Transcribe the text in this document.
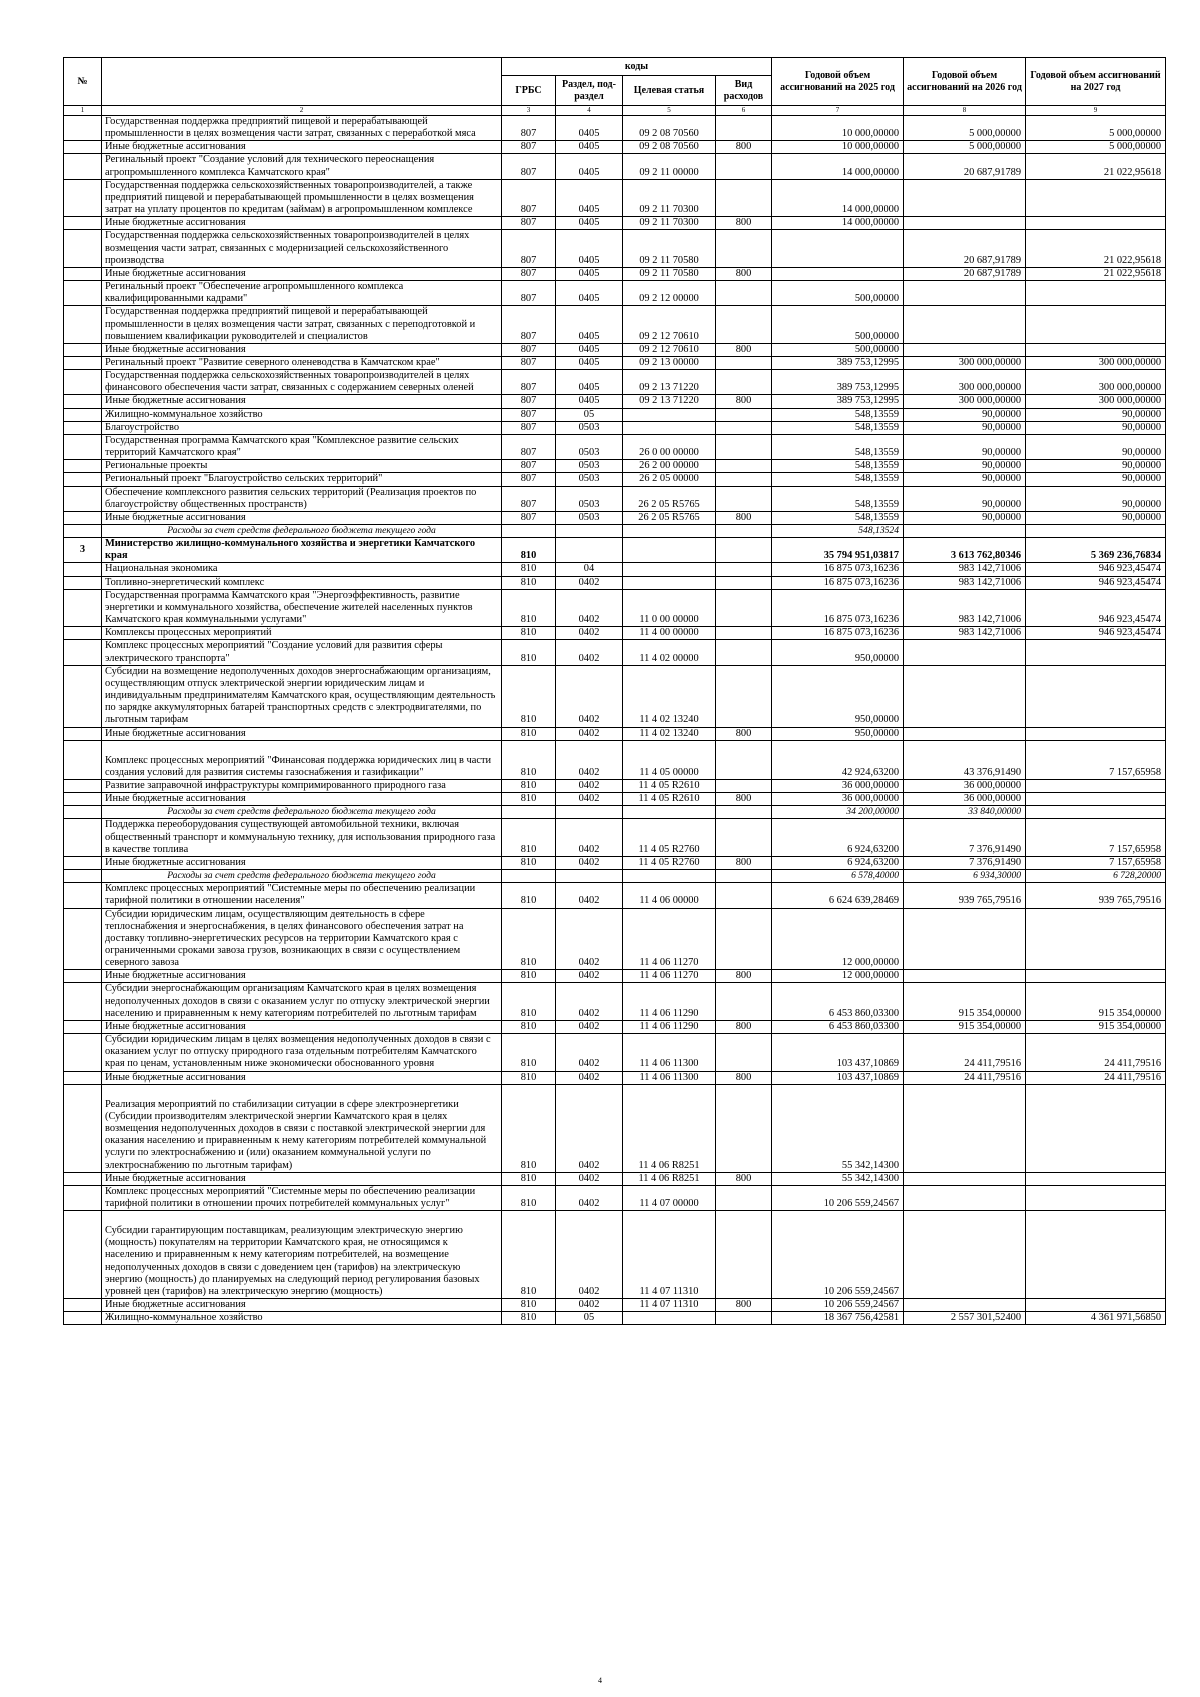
№		коды				Годовой объем ассигнований на 2025 год	Годовой объем ассигнований на 2026 год	Годовой объем ассигнований на 2027 год
		ГРБС	Раздел, под- раздел	Целевая статья	Вид расходов			
1	2	3	4	5	6	7	8	9
	Государственная поддержка предприятий пищевой и перерабатывающей промышленности в целях возмещения части затрат, связанных с переработкой мяса	807	0405	09 2 08 70560		10 000,00000	5 000,00000	5 000,00000
	Иные бюджетные ассигнования	807	0405	09 2 08 70560	800	10 000,00000	5 000,00000	5 000,00000
	Регинальный проект "Создание условий для технического переоснащения агропромышленного комплекса Камчатского края"	807	0405	09 2 11 00000		14 000,00000	20 687,91789	21 022,95618
	Государственная поддержка сельскохозяйственных товаропроизводителей, а также предприятий пищевой и перерабатывающей промышленности в целях возмещения затрат на уплату процентов по кредитам (займам) в агропромышленном комплексе	807	0405	09 2 11 70300		14 000,00000		
	Иные бюджетные ассигнования	807	0405	09 2 11 70300	800	14 000,00000		
	Государственная поддержка сельскохозяйственных товаропроизводителей в целях возмещения части затрат, связанных с модернизацией сельскохозяйственного производства	807	0405	09 2 11 70580			20 687,91789	21 022,95618
	Иные бюджетные ассигнования	807	0405	09 2 11 70580	800		20 687,91789	21 022,95618
	Регинальный проект "Обеспечение агропромышленного комплекса квалифицированными кадрами"	807	0405	09 2 12 00000		500,00000		
	Государственная поддержка предприятий пищевой и перерабатывающей промышленности в целях возмещения части затрат, связанных с переподготовкой и повышением квалификации руководителей и специалистов	807	0405	09 2 12 70610		500,00000		
	Иные бюджетные ассигнования	807	0405	09 2 12 70610	800	500,00000		
	Регинальный проект "Развитие северного оленеводства в Камчатском крае"	807	0405	09 2 13 00000		389 753,12995	300 000,00000	300 000,00000
	Государственная поддержка сельскохозяйственных товаропроизводителей в целях финансового обеспечения части затрат, связанных с содержанием северных оленей	807	0405	09 2 13 71220		389 753,12995	300 000,00000	300 000,00000
	Иные бюджетные ассигнования	807	0405	09 2 13 71220	800	389 753,12995	300 000,00000	300 000,00000
	Жилищно-коммунальное хозяйство	807	05			548,13559	90,00000	90,00000
	Благоустройство	807	0503			548,13559	90,00000	90,00000
	Государственная программа Камчатского края "Комплексное развитие сельских территорий Камчатского края"	807	0503	26 0 00 00000		548,13559	90,00000	90,00000
	Региональные проекты	807	0503	26 2 00 00000		548,13559	90,00000	90,00000
	Региональный проект "Благоустройство сельских территорий"	807	0503	26 2 05 00000		548,13559	90,00000	90,00000
	Обеспечение комплексного развития сельских территорий (Реализация проектов по благоустройству общественных пространств)	807	0503	26 2 05 R5765		548,13559	90,00000	90,00000
	Иные бюджетные ассигнования	807	0503	26 2 05 R5765	800	548,13559	90,00000	90,00000
	Расходы за счет средств федерального бюджета текущего года					548,13524		
3	Министерство жилищно-коммунального хозяйства и энергетики Камчатского края	810				35 794 951,03817	3 613 762,80346	5 369 236,76834
	Национальная экономика	810	04			16 875 073,16236	983 142,71006	946 923,45474
	Топливно-энергетический комплекс	810	0402			16 875 073,16236	983 142,71006	946 923,45474
	Государственная программа Камчатского края "Энергоэффективность, развитие энергетики и коммунального хозяйства, обеспечение жителей населенных пунктов Камчатского края коммунальными услугами"	810	0402	11 0 00 00000		16 875 073,16236	983 142,71006	946 923,45474
	Комплексы процессных мероприятий	810	0402	11 4 00 00000		16 875 073,16236	983 142,71006	946 923,45474
	Комплекс процессных мероприятий "Создание условий для развития сферы электрического транспорта"	810	0402	11 4 02 00000		950,00000		
	Субсидии на возмещение недополученных доходов энергоснабжающим организациям, осуществляющим отпуск электрической энергии юридическим лицам и индивидуальным предпринимателям Камчатского края, осуществляющим деятельность по зарядке аккумуляторных батарей транспортных средств с электродвигателями, по льготным тарифам	810	0402	11 4 02 13240		950,00000		
	Иные бюджетные ассигнования	810	0402	11 4 02 13240	800	950,00000		
	Комплекс процессных мероприятий "Финансовая поддержка юридических лиц в части создания условий для развития системы газоснабжения и газификации"	810	0402	11 4 05 00000		42 924,63200	43 376,91490	7 157,65958
	Развитие заправочной инфраструктуры компримированного природного газа	810	0402	11 4 05 R2610		36 000,00000	36 000,00000	
	Иные бюджетные ассигнования	810	0402	11 4 05 R2610	800	36 000,00000	36 000,00000	
	Расходы за счет средств федерального бюджета текущего года					34 200,00000	33 840,00000	
	Поддержка переоборудования существующей автомобильной техники, включая общественный транспорт и коммунальную технику, для использования природного газа в качестве топлива	810	0402	11 4 05 R2760		6 924,63200	7 376,91490	7 157,65958
	Иные бюджетные ассигнования	810	0402	11 4 05 R2760	800	6 924,63200	7 376,91490	7 157,65958
	Расходы за счет средств федерального бюджета текущего года					6 578,40000	6 934,30000	6 728,20000
	Комплекс процессных мероприятий "Системные меры по обеспечению реализации тарифной политики в отношении населения"	810	0402	11 4 06 00000		6 624 639,28469	939 765,79516	939 765,79516
	Субсидии юридическим лицам, осуществляющим деятельность в сфере теплоснабжения и энергоснабжения, в целях финансового обеспечения затрат на доставку топливно-энергетических ресурсов на территории Камчатского края с ограниченными сроками завоза грузов, возникающих в связи с осуществлением северного завоза	810	0402	11 4 06 11270		12 000,00000		
	Иные бюджетные ассигнования	810	0402	11 4 06 11270	800	12 000,00000		
	Субсидии энергоснабжающим организациям Камчатского края в целях возмещения недополученных доходов в связи с оказанием услуг по отпуску электрической энергии населению и приравненным к нему категориям потребителей по льготным тарифам	810	0402	11 4 06 11290		6 453 860,03300	915 354,00000	915 354,00000
	Иные бюджетные ассигнования	810	0402	11 4 06 11290	800	6 453 860,03300	915 354,00000	915 354,00000
	Субсидии юридическим лицам в целях возмещения недополученных доходов в связи с оказанием услуг по отпуску природного газа отдельным потребителям Камчатского края по ценам, установленным ниже экономически обоснованного уровня	810	0402	11 4 06 11300		103 437,10869	24 411,79516	24 411,79516
	Иные бюджетные ассигнования	810	0402	11 4 06 11300	800	103 437,10869	24 411,79516	24 411,79516
	Реализация мероприятий по стабилизации ситуации в сфере электроэнергетики (Субсидии производителям электрической энергии Камчатского края в целях возмещения недополученных доходов в связи с поставкой электрической энергии для оказания населению и приравненным к нему категориям потребителей коммунальной услуги по электроснабжению и (или) оказанием коммунальной услуги по электроснабжению по льготным тарифам)	810	0402	11 4 06 R8251		55 342,14300		
	Иные бюджетные ассигнования	810	0402	11 4 06 R8251	800	55 342,14300		
	Комплекс процессных мероприятий "Системные меры по обеспечению реализации тарифной политики в отношении прочих потребителей коммунальных услуг"	810	0402	11 4 07 00000		10 206 559,24567		
	Субсидии гарантирующим поставщикам, реализующим электрическую энергию (мощность) покупателям на территории Камчатского края, не относящимся к населению и приравненным к нему категориям потребителей, на возмещение недополученных доходов в связи с доведением цен (тарифов) на электрическую энергию (мощность) до планируемых на следующий период регулирования базовых уровней цен (тарифов) на электрическую энергию (мощность)	810	0402	11 4 07 11310		10 206 559,24567		
	Иные бюджетные ассигнования	810	0402	11 4 07 11310	800	10 206 559,24567		
	Жилищно-коммунальное хозяйство	810	05			18 367 756,42581	2 557 301,52400	4 361 971,56850
4
